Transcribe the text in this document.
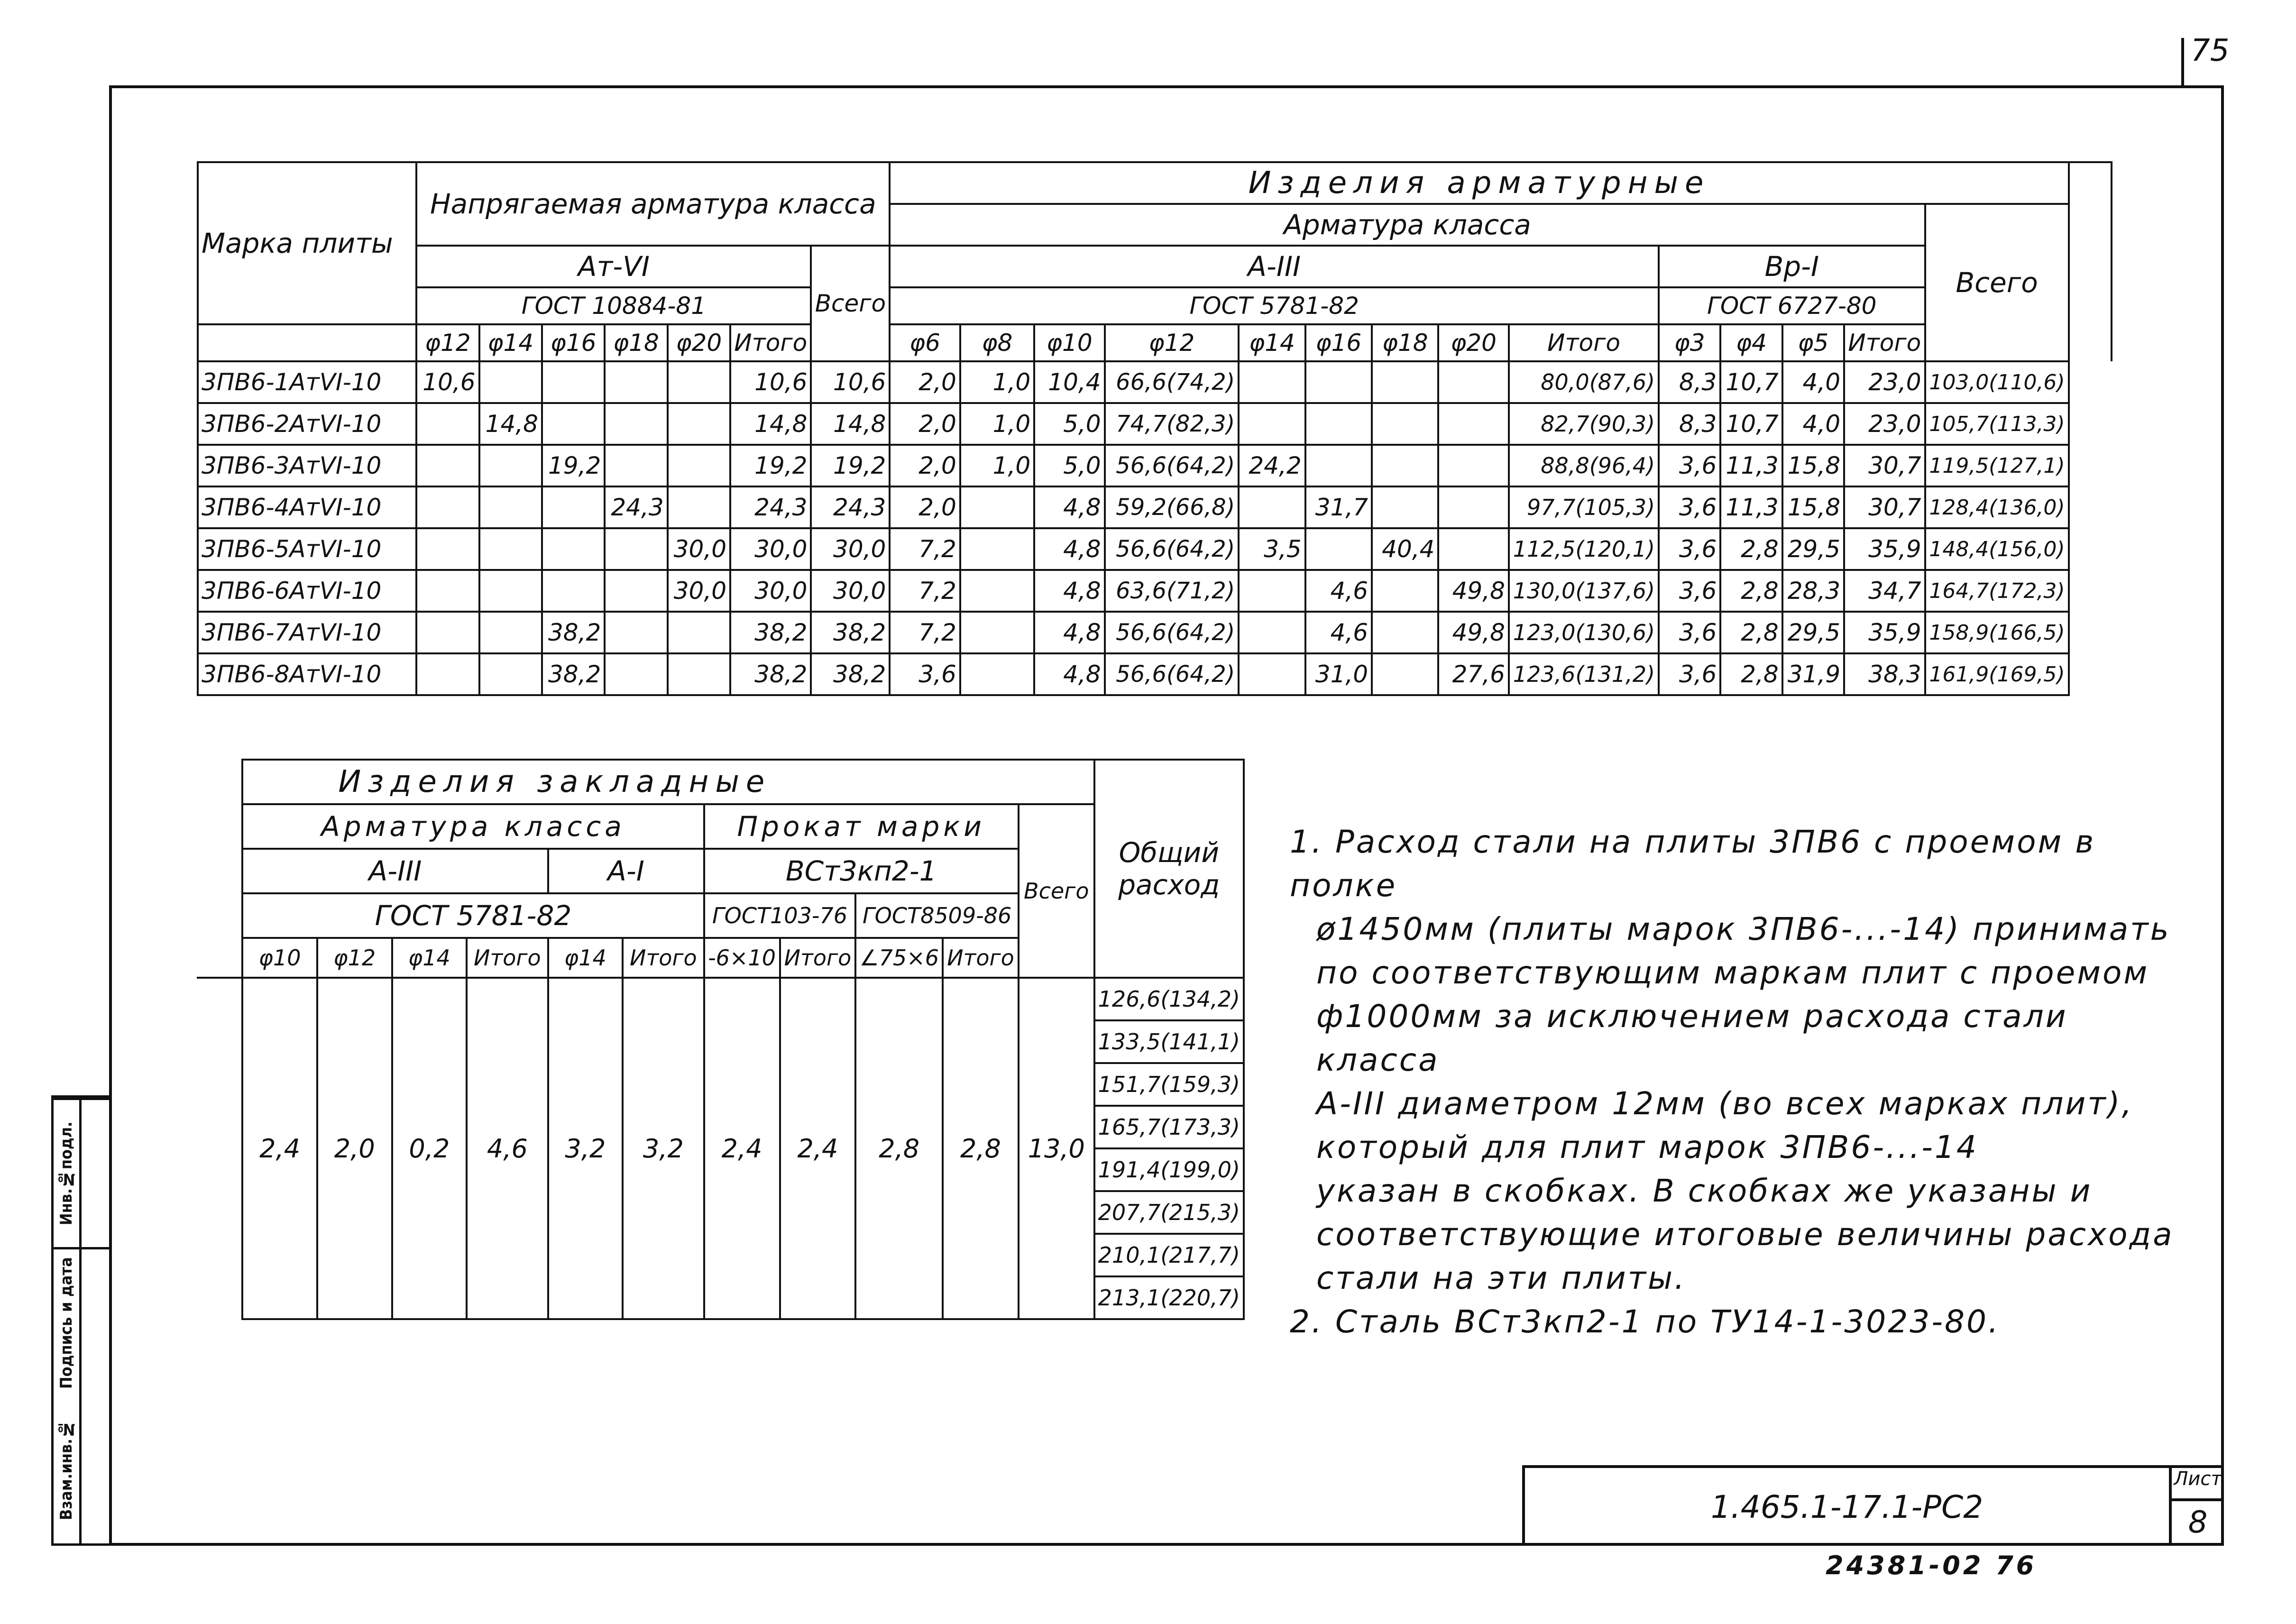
75
Инв.№подл.
Подпись и дата
Взам.инв.№
Марка плиты	Напрягаемая арматура класса							Изделия арматурные														
								Арматура класса													Всего	
	Ат-VI						Всего	А-III									Вр-I					
	ГОСТ 10884-81							ГОСТ 5781-82									ГОСТ 6727-80					
	φ12	φ14	φ16	φ18	φ20	Итого		φ6	φ8	φ10	φ12	φ14	φ16	φ18	φ20	Итого	φ3	φ4	φ5	Итого		
3ПВ6-1АтVI-10	10,6					10,6	10,6	2,0	1,0	10,4	66,6(74,2)					80,0(87,6)	8,3	10,7	4,0	23,0	103,0(110,6)	
3ПВ6-2АтVI-10		14,8				14,8	14,8	2,0	1,0	5,0	74,7(82,3)					82,7(90,3)	8,3	10,7	4,0	23,0	105,7(113,3)	
3ПВ6-3АтVI-10			19,2			19,2	19,2	2,0	1,0	5,0	56,6(64,2)	24,2				88,8(96,4)	3,6	11,3	15,8	30,7	119,5(127,1)	
3ПВ6-4АтVI-10				24,3		24,3	24,3	2,0		4,8	59,2(66,8)		31,7			97,7(105,3)	3,6	11,3	15,8	30,7	128,4(136,0)	
3ПВ6-5АтVI-10					30,0	30,0	30,0	7,2		4,8	56,6(64,2)	3,5		40,4		112,5(120,1)	3,6	2,8	29,5	35,9	148,4(156,0)	
3ПВ6-6АтVI-10					30,0	30,0	30,0	7,2		4,8	63,6(71,2)		4,6		49,8	130,0(137,6)	3,6	2,8	28,3	34,7	164,7(172,3)	
3ПВ6-7АтVI-10			38,2			38,2	38,2	7,2		4,8	56,6(64,2)		4,6		49,8	123,0(130,6)	3,6	2,8	29,5	35,9	158,9(166,5)	
3ПВ6-8АтVI-10			38,2			38,2	38,2	3,6		4,8	56,6(64,2)		31,0		27,6	123,6(131,2)	3,6	2,8	31,9	38,3	161,9(169,5)	
	Изделия закладные											Общий расход
	Арматура класса						Прокат марки				Всего	
	А-III				А-I		ВСт3кп2-1					
	ГОСТ 5781-82						ГОСТ103-76		ГОСТ8509-86			
	φ10	φ12	φ14	Итого	φ14	Итого	-6×10	Итого	∠75×6	Итого		
	2,4	2,0	0,2	4,6	3,2	3,2	2,4	2,4	2,8	2,8	13,0	126,6(134,2)
												133,5(141,1)
												151,7(159,3)
												165,7(173,3)
												191,4(199,0)
												207,7(215,3)
												210,1(217,7)
												213,1(220,7)

1. Расход стали на плиты 3ПВ6 с проемом в полке

ø1450мм (плиты марок 3ПВ6-...-14) принимать

по соответствующим маркам плит с проемом

ф1000мм за исключением расхода стали класса

А-III диаметром 12мм (во всех марках плит),

который для плит марок 3ПВ6-...-14

указан в скобках. В скобках же указаны и

соответствующие итоговые величины расхода

стали на эти плиты.

2. Сталь ВСт3кп2-1 по ТУ14-1-3023-80.

1.465.1-17.1-РС2
Лист
8
24381-02 76
